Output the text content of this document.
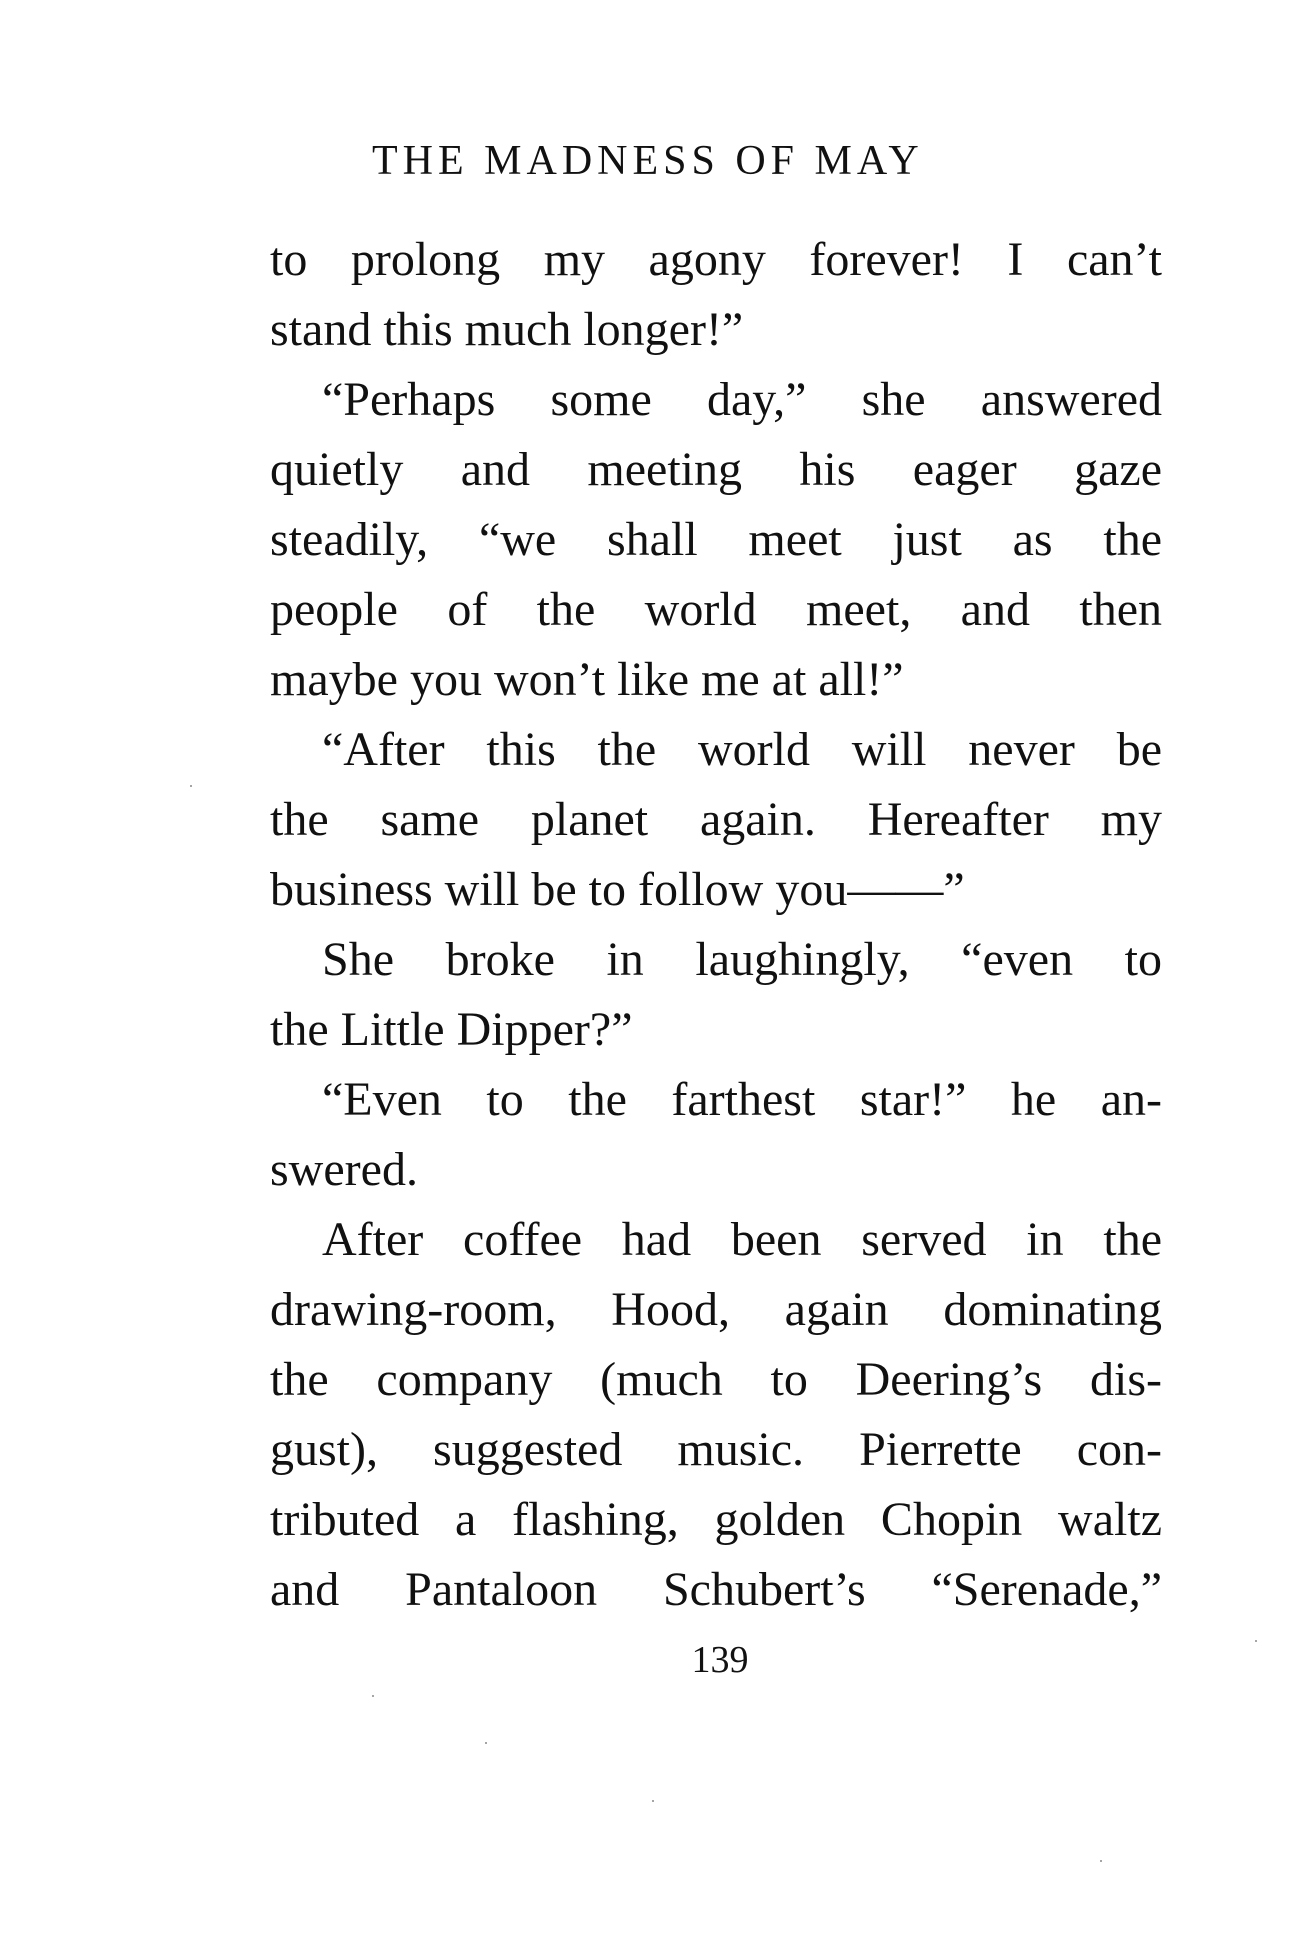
THE MADNESS OF MAY
to prolong my agony forever! I can’t
stand this much longer!”
“Perhaps some day,” she answered
quietly and meeting his eager gaze
steadily, “we shall meet just as the
people of the world meet, and then
maybe you won’t like me at all!”
“After this the world will never be
the same planet again. Hereafter my
business will be to follow you——”
She broke in laughingly, “even to
the Little Dipper?”
“Even to the farthest star!” he an-
swered.
After coffee had been served in the
drawing-room, Hood, again dominating
the company (much to Deering’s dis-
gust), suggested music. Pierrette con-
tributed a flashing, golden Chopin waltz
and Pantaloon Schubert’s “Serenade,”
139
